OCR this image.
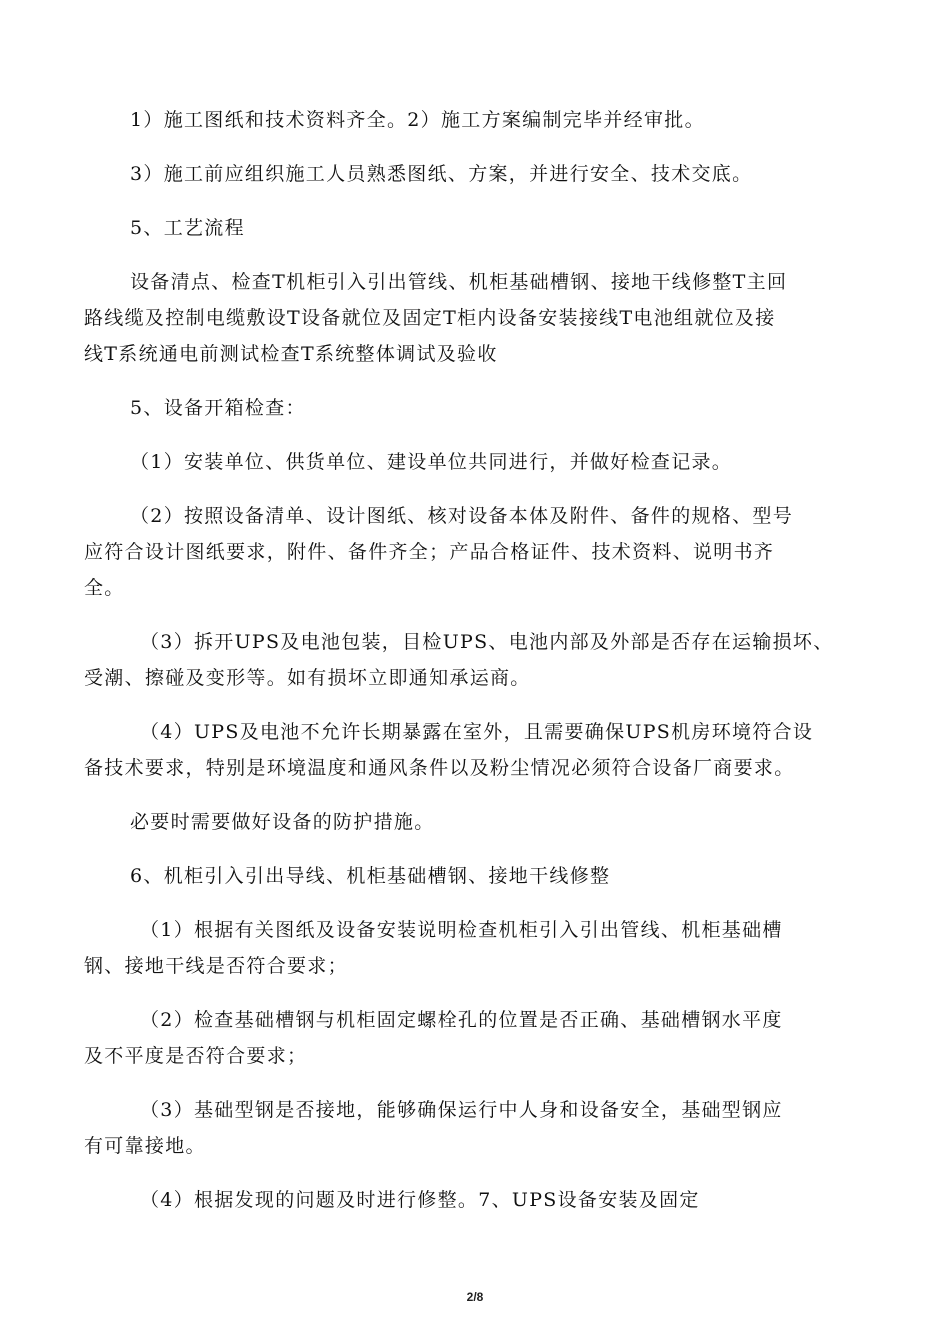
1）施工图纸和技术资料齐全。2）施工方案编制完毕并经审批。
3）施工前应组织施工人员熟悉图纸、方案，并进行安全、技术交底。
5、工艺流程
设备清点、检查T机柜引入引出管线、机柜基础槽钢、接地干线修整T主回
路线缆及控制电缆敷设T设备就位及固定T柜内设备安装接线T电池组就位及接
线T系统通电前测试检查T系统整体调试及验收
5、设备开箱检查：
（1）安装单位、供货单位、建设单位共同进行，并做好检查记录。
（2）按照设备清单、设计图纸、核对设备本体及附件、备件的规格、型号
应符合设计图纸要求，附件、备件齐全；产品合格证件、技术资料、说明书齐
全。
（3）拆开UPS及电池包装，目检UPS、电池内部及外部是否存在运输损坏、
受潮、擦碰及变形等。如有损坏立即通知承运商。
（4）UPS及电池不允许长期暴露在室外，且需要确保UPS机房环境符合设
备技术要求，特别是环境温度和通风条件以及粉尘情况必须符合设备厂商要求。
必要时需要做好设备的防护措施。
6、机柜引入引出导线、机柜基础槽钢、接地干线修整
（1）根据有关图纸及设备安装说明检查机柜引入引出管线、机柜基础槽
钢、接地干线是否符合要求；
（2）检查基础槽钢与机柜固定螺栓孔的位置是否正确、基础槽钢水平度
及不平度是否符合要求；
（3）基础型钢是否接地，能够确保运行中人身和设备安全，基础型钢应
有可靠接地。
（4）根据发现的问题及时进行修整。7、UPS设备安装及固定
2/8
